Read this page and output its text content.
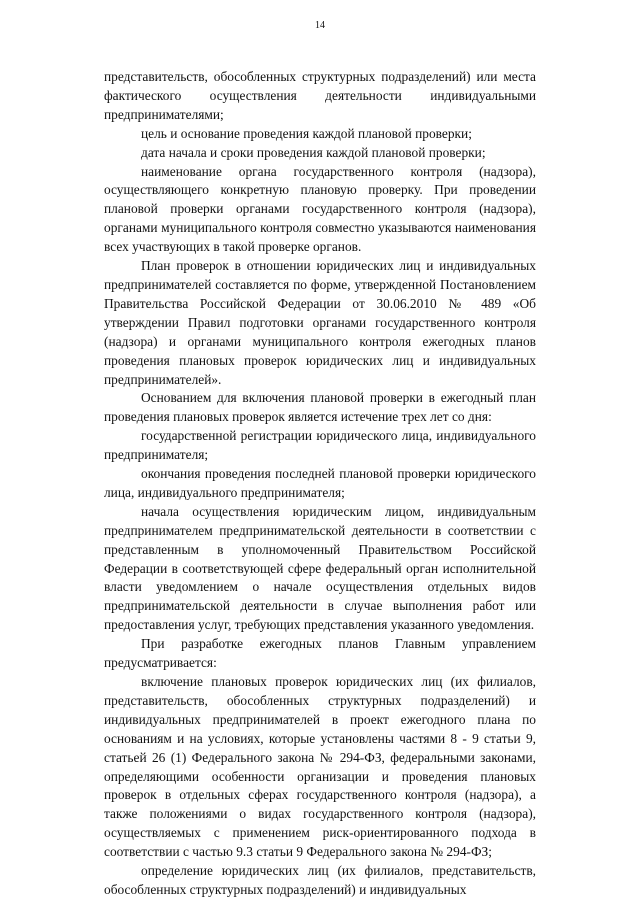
14

представительств, обособленных структурных подразделений) или места фактического осуществления деятельности индивидуальными предпринимателями;

цель и основание проведения каждой плановой проверки;

дата начала и сроки проведения каждой плановой проверки;

наименование органа государственного контроля (надзора), осуществляющего конкретную плановую проверку. При проведении плановой проверки органами государственного контроля (надзора), органами муниципального контроля совместно указываются наименования всех участвующих в такой проверке органов.

План проверок в отношении юридических лиц и индивидуальных предпринимателей составляется по форме, утвержденной Постановлением Правительства Российской Федерации от 30.06.2010 № 489 «Об утверждении Правил подготовки органами государственного контроля (надзора) и органами муниципального контроля ежегодных планов проведения плановых проверок юридических лиц и индивидуальных предпринимателей».

Основанием для включения плановой проверки в ежегодный план проведения плановых проверок является истечение трех лет со дня:

государственной регистрации юридического лица, индивидуального предпринимателя;

окончания проведения последней плановой проверки юридического лица, индивидуального предпринимателя;

начала осуществления юридическим лицом, индивидуальным предпринимателем предпринимательской деятельности в соответствии с представленным в уполномоченный Правительством Российской Федерации в соответствующей сфере федеральный орган исполнительной власти уведомлением о начале осуществления отдельных видов предпринимательской деятельности в случае выполнения работ или предоставления услуг, требующих представления указанного уведомления.

При разработке ежегодных планов Главным управлением предусматривается:

включение плановых проверок юридических лиц (их филиалов, представительств, обособленных структурных подразделений) и индивидуальных предпринимателей в проект ежегодного плана по основаниям и на условиях, которые установлены частями 8 - 9 статьи 9, статьей 26 (1) Федерального закона № 294-ФЗ, федеральными законами, определяющими особенности организации и проведения плановых проверок в отдельных сферах государственного контроля (надзора), а также положениями о видах государственного контроля (надзора), осуществляемых с применением риск-ориентированного подхода в соответствии с частью 9.3 статьи 9 Федерального закона № 294-ФЗ;

определение юридических лиц (их филиалов, представительств, обособленных структурных подразделений) и индивидуальных
